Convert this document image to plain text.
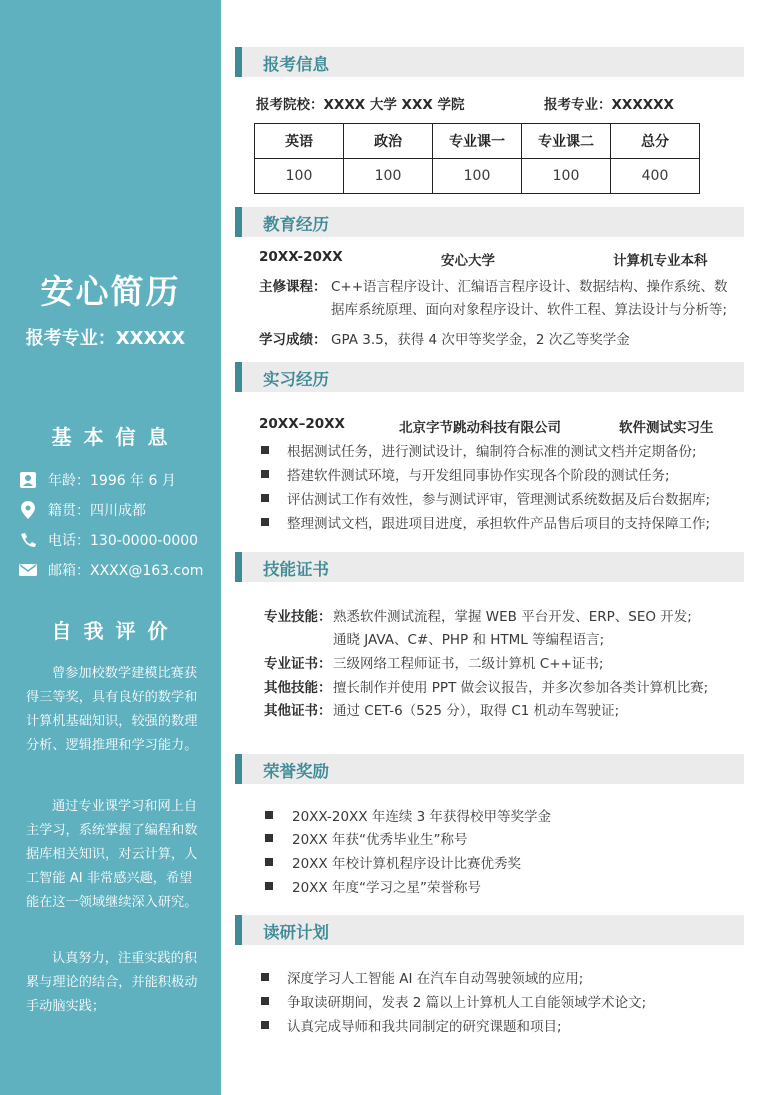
安心简历
报考专业：XXXXX
基本信息
年龄：1996 年 6 月
籍贯：四川成都
电话：130-0000-0000
邮箱：XXXX@163.com
自我评价
曾参加校数学建模比赛获得三等奖，具有良好的数学和计算机基础知识，较强的数理分析、逻辑推理和学习能力。
通过专业课学习和网上自主学习，系统掌握了编程和数据库相关知识，对云计算，人工智能 AI 非常感兴趣，希望能在这一领域继续深入研究。
认真努力，注重实践的积累与理论的结合，并能积极动手动脑实践；
报考信息
报考院校：XXXX 大学 XXX 学院	报考专业：XXXXXX
英语	政治	专业课一	专业课二	总分
100	100	100	100	400
教育经历
20XX-20XX	安心大学	计算机专业本科
主修课程： C++语言程序设计、汇编语言程序设计、数据结构、操作系统、数
据库系统原理、面向对象程序设计、软件工程、算法设计与分析等;
学习成绩： GPA 3.5，获得 4 次甲等奖学金，2 次乙等奖学金
实习经历
20XX–20XX	北京字节跳动科技有限公司	软件测试实习生
根据测试任务，进行测试设计，编制符合标准的测试文档并定期备份;
搭建软件测试环境，与开发组同事协作实现各个阶段的测试任务;
评估测试工作有效性，参与测试评审，管理测试系统数据及后台数据库;
整理测试文档，跟进项目进度，承担软件产品售后项目的支持保障工作;
技能证书
专业技能： 熟悉软件测试流程，掌握 WEB 平台开发、ERP、SEO 开发;
通晓 JAVA、C#、PHP 和 HTML 等编程语言;
专业证书： 三级网络工程师证书，二级计算机 C++证书;
其他技能： 擅长制作并使用 PPT 做会议报告，并多次参加各类计算机比赛;
其他证书： 通过 CET-6（525 分），取得 C1 机动车驾驶证;
荣誉奖励
20XX-20XX 年连续 3 年获得校甲等奖学金
20XX 年获“优秀毕业生”称号
20XX 年校计算机程序设计比赛优秀奖
20XX 年度“学习之星”荣誉称号
读研计划
深度学习人工智能 AI 在汽车自动驾驶领域的应用;
争取读研期间，发表 2 篇以上计算机人工自能领域学术论文;
认真完成导师和我共同制定的研究课题和项目;
